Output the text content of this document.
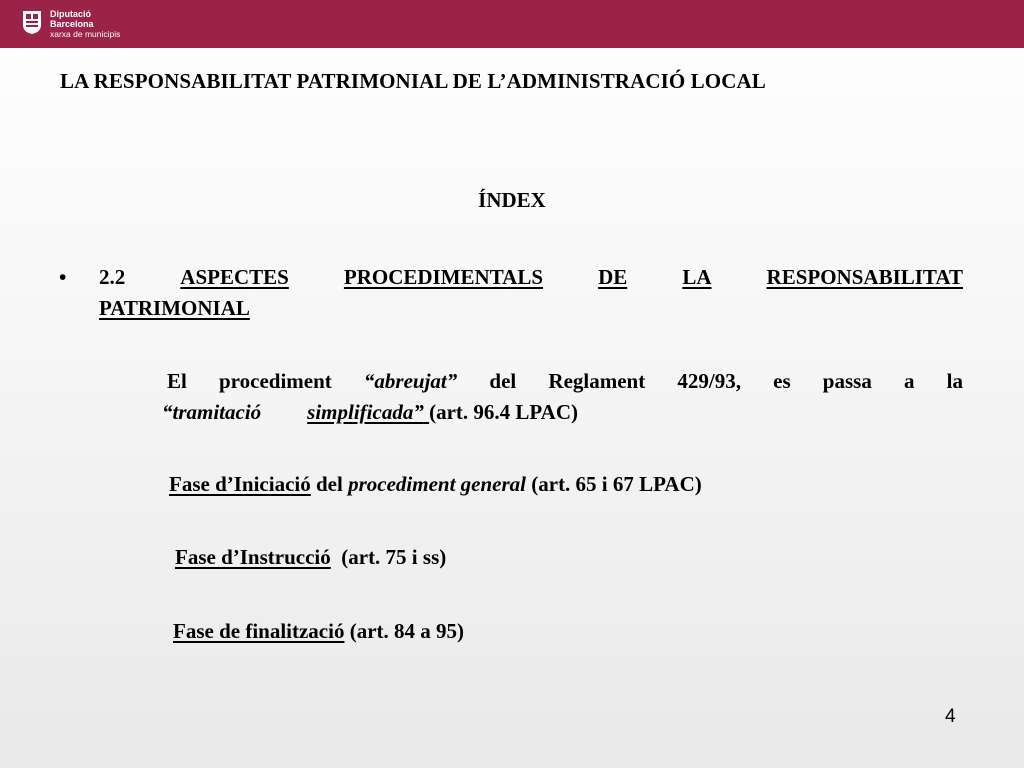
Diputació
Barcelona
xarxa de municipis
LA RESPONSABILITAT PATRIMONIAL DE L’ADMINISTRACIÓ LOCAL
ÍNDEX
• 2.2	ASPECTES	PROCEDIMENTALS	DE	LA	RESPONSABILITAT
PATRIMONIAL
El procediment “abreujat” del Reglament 429/93, es passa a la
“tramitació simplificada” (art. 96.4 LPAC)
Fase d’Iniciació del procediment general (art. 65 i 67 LPAC)
Fase d’Instrucció  (art. 75 i ss)
Fase de finalització (art. 84 a 95)
4
